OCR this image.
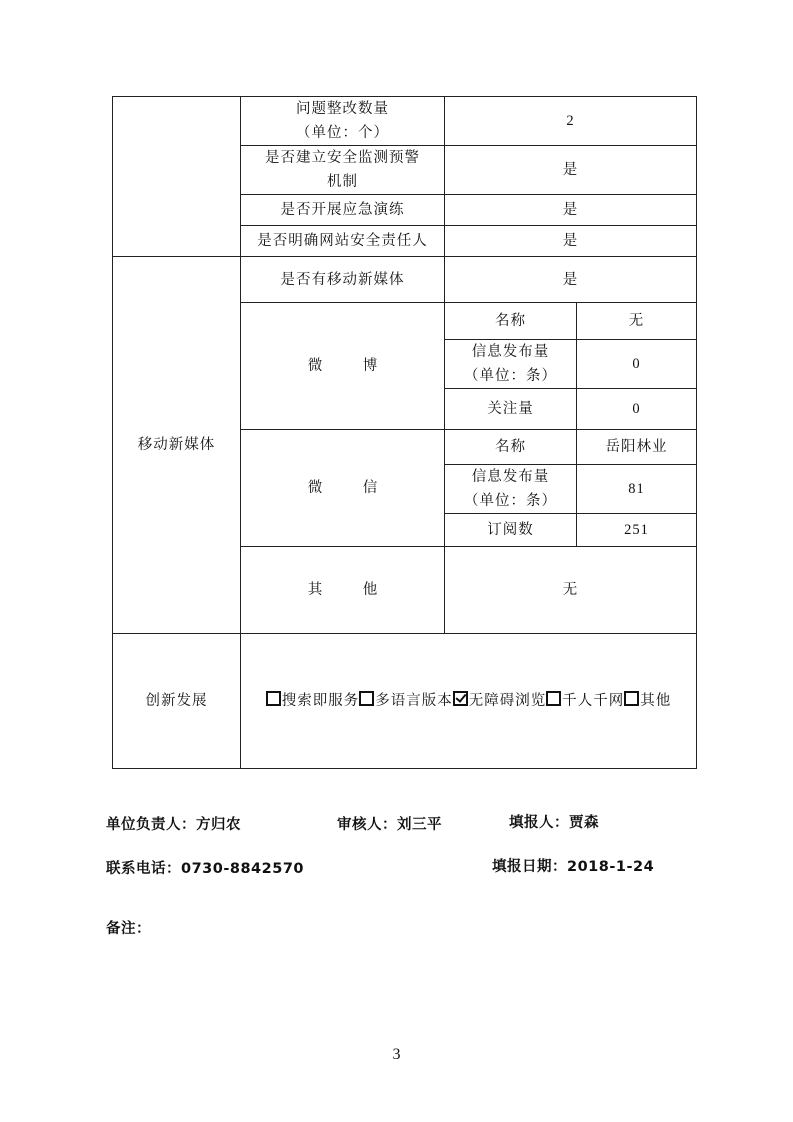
	问题整改数量
（单位：个）	2	
	是否建立安全监测预警
机制	是	
	是否开展应急演练	是	
	是否明确网站安全责任人	是	
移动新媒体	是否有移动新媒体	是	
	微 博	名称	无
		信息发布量
（单位：条）	0
		关注量	0
	微 信	名称	岳阳林业
		信息发布量
（单位：条）	81
		订阅数	251
	其 他	无	
创新发展	搜索即服务 多语言版本 无障碍浏览 千人千网 其他		
单位负责人：方归农	审核人：刘三平	填报人：贾森
联系电话：0730-8842570	填报日期：2018-1-24
备注：
3
